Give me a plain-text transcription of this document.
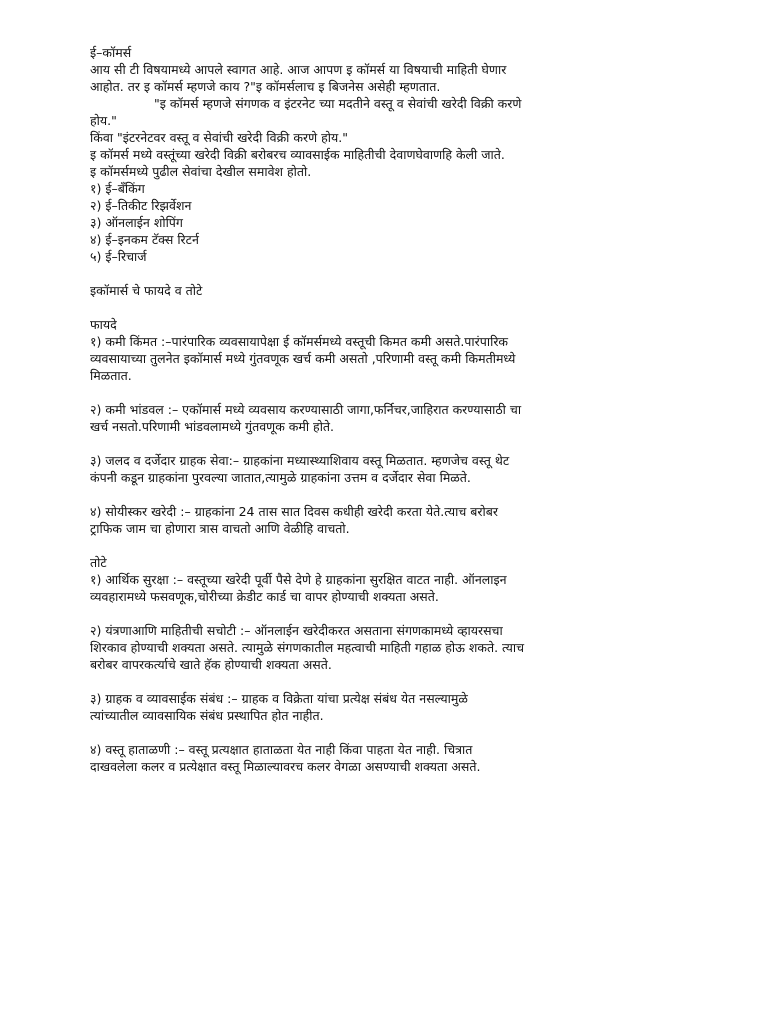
ई–कॉमर्स

आय सी टी विषयामध्ये आपले स्वागत आहे. आज आपण इ कॉमर्स या विषयाची माहिती घेणार

आहोत. तर इ कॉमर्स म्हणजे काय ?"इ कॉमर्सलाच इ बिजनेस असेही म्हणतात.

"इ कॉमर्स म्हणजे संगणक व इंटरनेट च्या मदतीने वस्तू व सेवांची खरेदी विक्री करणे

होय."

किंवा "इंटरनेटवर वस्तू व सेवांची खरेदी विक्री करणे होय."

इ कॉमर्स मध्ये वस्तूंच्या खरेदी विक्री बरोबरच व्यावसाईक माहितीची देवाणघेवाणहि केली जाते.

इ कॉमर्समध्ये पुढील सेवांचा देखील समावेश होतो.

१) ई–बँकिंग

२) ई–तिकीट रिझर्वेशन

३) ऑनलाईन शोपिंग

४) ई–इनकम टॅक्स रिटर्न

५) ई–रिचार्ज

इकॉमार्स चे फायदे व तोटे

फायदे

१) कमी किंमत :–पारंपारिक व्यवसायापेक्षा ई कॉमर्समध्ये वस्तूची किमत कमी असते.पारंपारिक

व्यवसायाच्या तुलनेत इकॉमार्स मध्ये गुंतवणूक खर्च कमी असतो ,परिणामी वस्तू कमी किमतीमध्ये

मिळतात.

२) कमी भांडवल :– एकॉमार्स मध्ये व्यवसाय करण्यासाठी जागा,फर्निचर,जाहिरात करण्यासाठी चा

खर्च नसतो.परिणामी भांडवलामध्ये गुंतवणूक कमी होते.

३) जलद व दर्जेदार ग्राहक सेवा:– ग्राहकांना मध्यास्थ्याशिवाय वस्तू मिळतात. म्हणजेच वस्तू थेट

कंपनी कडून ग्राहकांना पुरवल्या जातात,त्यामुळे ग्राहकांना उत्तम व दर्जेदार सेवा मिळते.

४) सोयीस्कर खरेदी :– ग्राहकांना 24 तास सात दिवस कधीही खरेदी करता येते.त्याच बरोबर

ट्राफिक जाम चा होणारा त्रास वाचतो आणि वेळीहि वाचतो.

तोटे

१) आर्थिक सुरक्षा :– वस्तूच्या खरेदी पूर्वी पैसे देणे हे ग्राहकांना सुरक्षित वाटत नाही. ऑनलाइन

व्यवहारामध्ये फसवणूक,चोरीच्या क्रेडीट कार्ड चा वापर होण्याची शक्यता असते.

२) यंत्रणाआणि माहितीची सचोटी :– ऑनलाईन खरेदीकरत असताना संगणकामध्ये व्हायरसचा

शिरकाव होण्याची शक्यता असते. त्यामुळे संगणकातील महत्वाची माहिती गहाळ होऊ शकते. त्याच

बरोबर वापरकर्त्याचे खाते हॅक होण्याची शक्यता असते.

३) ग्राहक व व्यावसाईक संबंध :– ग्राहक व विक्रेता यांचा प्रत्येक्ष संबंध येत नसल्यामुळे

त्यांच्यातील व्यावसायिक संबंध प्रस्थापित होत नाहीत.

४) वस्तू हाताळणी :– वस्तू प्रत्यक्षात हाताळता येत नाही किंवा पाहता येत नाही. चित्रात

दाखवलेला कलर व प्रत्येक्षात वस्तू मिळाल्यावरच कलर वेगळा असण्याची शक्यता असते.
